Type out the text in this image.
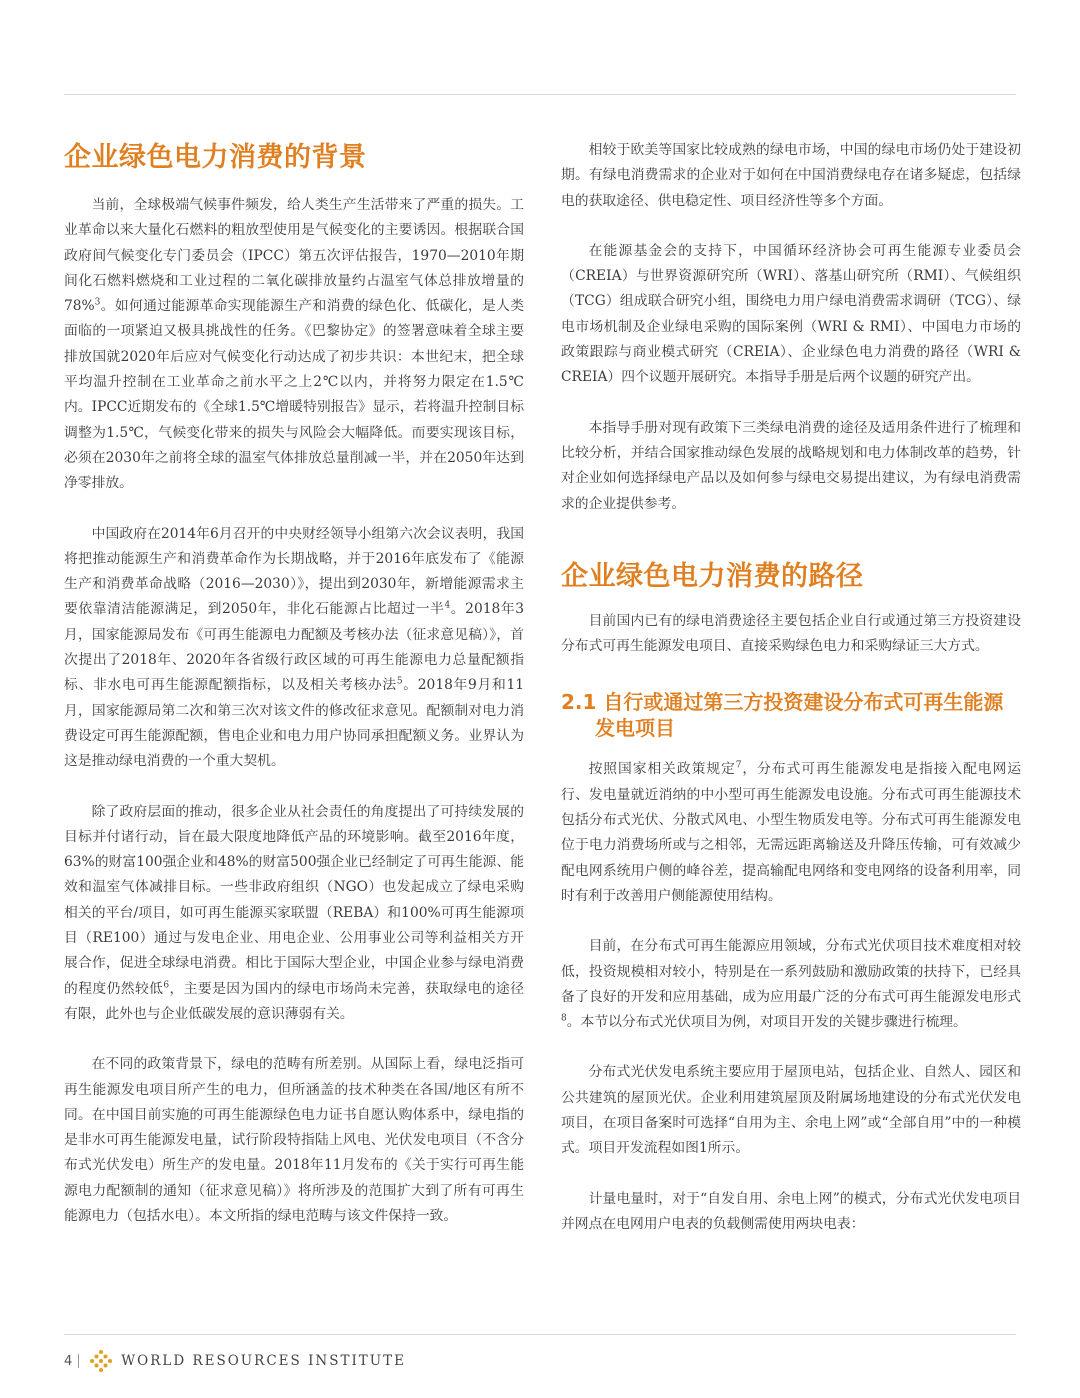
企业绿色电力消费的背景

当前，全球极端气候事件频发，给人类生产生活带来了严重的损失。工业革命以来大量化石燃料的粗放型使用是气候变化的主要诱因。根据联合国政府间气候变化专门委员会（IPCC）第五次评估报告，1970—2010年期间化石燃料燃烧和工业过程的二氧化碳排放量约占温室气体总排放增量的78%$^3$。如何通过能源革命实现能源生产和消费的绿色化、低碳化，是人类面临的一项紧迫又极具挑战性的任务。《巴黎协定》的签署意味着全球主要排放国就2020年后应对气候变化行动达成了初步共识：本世纪末，把全球平均温升控制在工业革命之前水平之上2℃以内，并将努力限定在1.5℃内。IPCC近期发布的《全球1.5℃增暖特别报告》显示，若将温升控制目标调整为1.5℃，气候变化带来的损失与风险会大幅降低。而要实现该目标，必须在2030年之前将全球的温室气体排放总量削减一半，并在2050年达到净零排放。

中国政府在2014年6月召开的中央财经领导小组第六次会议表明，我国将把推动能源生产和消费革命作为长期战略，并于2016年底发布了《能源生产和消费革命战略（2016—2030）》，提出到2030年，新增能源需求主要依靠清洁能源满足，到2050年，非化石能源占比超过一半$^4$。2018年3月，国家能源局发布《可再生能源电力配额及考核办法（征求意见稿）》，首次提出了2018年、2020年各省级行政区域的可再生能源电力总量配额指标、非水电可再生能源配额指标，以及相关考核办法$^5$。2018年9月和11月，国家能源局第二次和第三次对该文件的修改征求意见。配额制对电力消费设定可再生能源配额，售电企业和电力用户协同承担配额义务。业界认为这是推动绿电消费的一个重大契机。

除了政府层面的推动，很多企业从社会责任的角度提出了可持续发展的目标并付诸行动，旨在最大限度地降低产品的环境影响。截至2016年度，63%的财富100强企业和48%的财富500强企业已经制定了可再生能源、能效和温室气体减排目标。一些非政府组织（NGO）也发起成立了绿电采购相关的平台/项目，如可再生能源买家联盟（REBA）和100%可再生能源项目（RE100）通过与发电企业、用电企业、公用事业公司等利益相关方开展合作，促进全球绿电消费。相比于国际大型企业，中国企业参与绿电消费的程度仍然较低$^6$，主要是因为国内的绿电市场尚未完善，获取绿电的途径有限，此外也与企业低碳发展的意识薄弱有关。

在不同的政策背景下，绿电的范畴有所差别。从国际上看，绿电泛指可再生能源发电项目所产生的电力，但所涵盖的技术种类在各国/地区有所不同。在中国目前实施的可再生能源绿色电力证书自愿认购体系中，绿电指的是非水可再生能源发电量，试行阶段特指陆上风电、光伏发电项目（不含分布式光伏发电）所生产的发电量。2018年11月发布的《关于实行可再生能源电力配额制的通知（征求意见稿）》将所涉及的范围扩大到了所有可再生能源电力（包括水电）。本文所指的绿电范畴与该文件保持一致。

相较于欧美等国家比较成熟的绿电市场，中国的绿电市场仍处于建设初期。有绿电消费需求的企业对于如何在中国消费绿电存在诸多疑虑，包括绿电的获取途径、供电稳定性、项目经济性等多个方面。

在能源基金会的支持下，中国循环经济协会可再生能源专业委员会（CREIA）与世界资源研究所（WRI）、落基山研究所（RMI）、气候组织（TCG）组成联合研究小组，围绕电力用户绿电消费需求调研（TCG）、绿电市场机制及企业绿电采购的国际案例（WRI & RMI）、中国电力市场的政策跟踪与商业模式研究（CREIA）、企业绿色电力消费的路径（WRI & CREIA）四个议题开展研究。本指导手册是后两个议题的研究产出。

本指导手册对现有政策下三类绿电消费的途径及适用条件进行了梳理和比较分析，并结合国家推动绿色发展的战略规划和电力体制改革的趋势，针对企业如何选择绿电产品以及如何参与绿电交易提出建议，为有绿电消费需求的企业提供参考。

企业绿色电力消费的路径

目前国内已有的绿电消费途径主要包括企业自行或通过第三方投资建设分布式可再生能源发电项目、直接采购绿色电力和采购绿证三大方式。

2.1 自行或通过第三方投资建设分布式可再生能源发电项目

按照国家相关政策规定$^7$，分布式可再生能源发电是指接入配电网运行、发电量就近消纳的中小型可再生能源发电设施。分布式可再生能源技术包括分布式光伏、分散式风电、小型生物质发电等。分布式可再生能源发电位于电力消费场所或与之相邻，无需远距离输送及升降压传输，可有效减少配电网系统用户侧的峰谷差，提高输配电网络和变电网络的设备利用率，同时有利于改善用户侧能源使用结构。

目前，在分布式可再生能源应用领域，分布式光伏项目技术难度相对较低，投资规模相对较小，特别是在一系列鼓励和激励政策的扶持下，已经具备了良好的开发和应用基础，成为应用最广泛的分布式可再生能源发电形式$^8$。本节以分布式光伏项目为例，对项目开发的关键步骤进行梳理。

分布式光伏发电系统主要应用于屋顶电站，包括企业、自然人、园区和公共建筑的屋顶光伏。企业利用建筑屋顶及附属场地建设的分布式光伏发电项目，在项目备案时可选择“自用为主、余电上网”或“全部自用”中的一种模式。项目开发流程如图1所示。

计量电量时，对于“自发自用、余电上网”的模式，分布式光伏发电项目并网点在电网用户电表的负载侧需使用两块电表：

4	WORLD RESOURCES INSTITUTE
